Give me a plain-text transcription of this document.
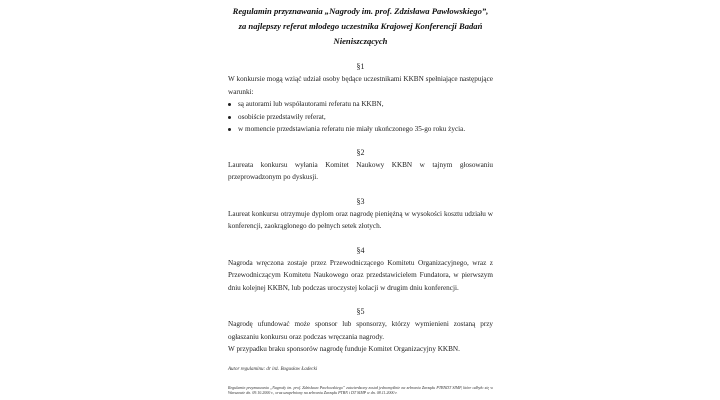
Regulamin przyznawania „Nagrody im. prof. Zdzisława Pawłowskiego”, za najlepszy referat młodego uczestnika Krajowej Konferencji Badań Nieniszczących

§1

W konkursie mogą wziąć udział osoby będące uczestnikami KKBN spełniające następujące warunki:

są autorami lub współautorami referatu na KKBN,
osobiście przedstawiły referat,
w momencie przedstawiania referatu nie miały ukończonego 35-go roku życia.

§2

Laureata konkursu wyłania Komitet Naukowy KKBN w tajnym głosowaniu przeprowadzonym po dyskusji.

§3

Laureat konkursu otrzymuje dyplom oraz nagrodę pieniężną w wysokości kosztu udziału w konferencji, zaokrąglonego do pełnych setek złotych.

§4

Nagroda wręczona zostaje przez Przewodniczącego Komitetu Organizacyjnego, wraz z Przewodniczącym Komitetu Naukowego oraz przedstawicielem Fundatora, w pierwszym dniu kolejnej KKBN, lub podczas uroczystej kolacji w drugim dniu konferencji.

§5

Nagrodę ufundować może sponsor lub sponsorzy, którzy wymienieni zostaną przy ogłaszaniu konkursu oraz podczas wręczania nagrody.

W przypadku braku sponsorów nagrodę funduje Komitet Organizacyjny KKBN.

Autor regulaminu: dr inż. Bogusław Ładecki

Regulamin przyznawania „Nagrody im. prof. Zdzisława Pawłowskiego” zatwierdzony został jednomyślnie na zebraniu Zarządu PTBNDT SIMP, które odbyło się w Warszawie dn. 09.10.2000 r., oraz uzupełniony na zebraniu Zarządu PTBN i DT SIMP w dn. 08.11.2000 r.
